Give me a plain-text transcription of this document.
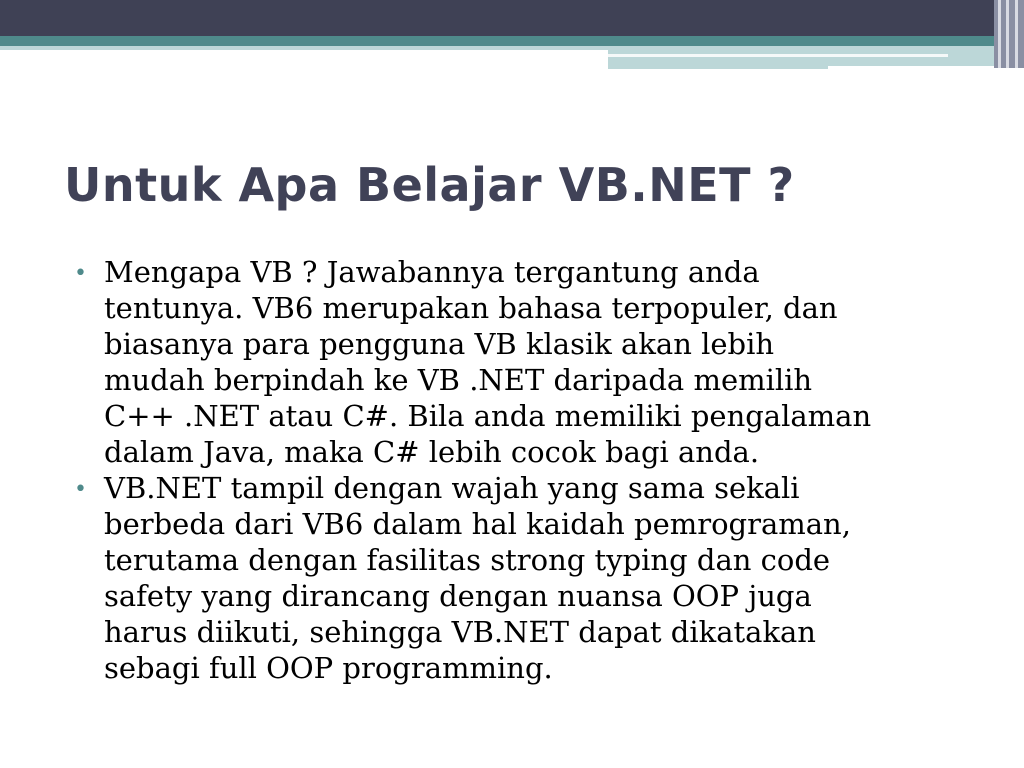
Untuk Apa Belajar VB.NET ?
• Mengapa VB ? Jawabannya tergantung anda
tentunya. VB6 merupakan bahasa terpopuler, dan
biasanya para pengguna VB klasik akan lebih
mudah berpindah ke VB .NET daripada memilih
C++ .NET atau C#. Bila anda memiliki pengalaman
dalam Java, maka C# lebih cocok bagi anda.
• VB.NET tampil dengan wajah yang sama sekali
berbeda dari VB6 dalam hal kaidah pemrograman,
terutama dengan fasilitas strong typing dan code
safety yang dirancang dengan nuansa OOP juga
harus diikuti, sehingga VB.NET dapat dikatakan
sebagi full OOP programming.
